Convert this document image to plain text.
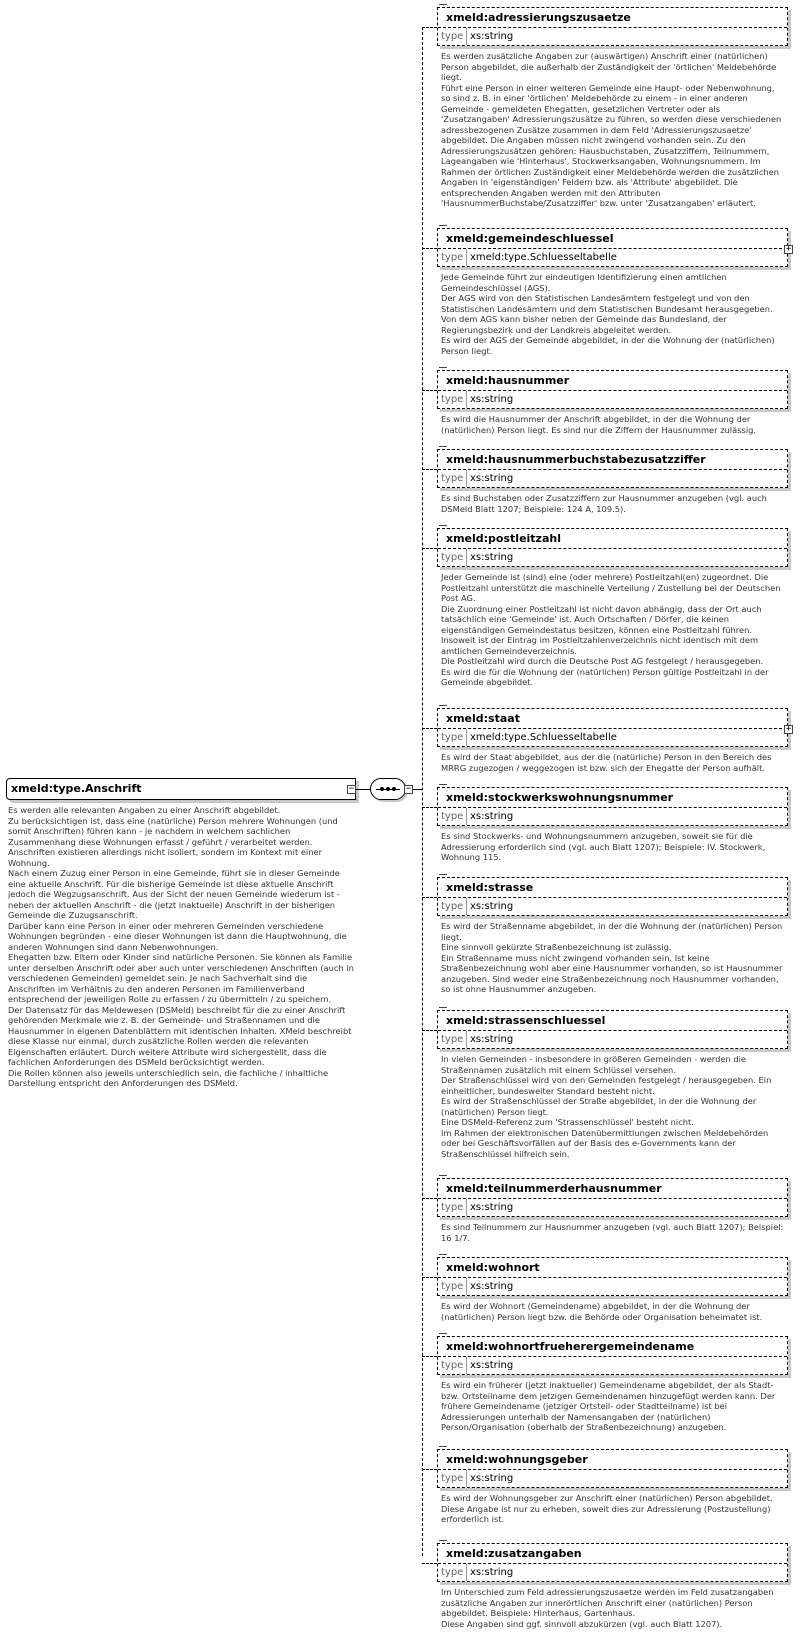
xmeld:type.Anschrift	−
Es werden alle relevanten Angaben zu einer Anschrift abgebildet.
Zu berücksichtigen ist, dass eine (natürliche) Person mehrere Wohnungen (und somit Anschriften) führen kann - je nachdem in welchem sachlichen Zusammenhang diese Wohnungen erfasst / geführt / verarbeitet werden. Anschriften existieren allerdings nicht isoliert, sondern im Kontext mit einer Wohnung.
Nach einem Zuzug einer Person in eine Gemeinde, führt sie in dieser Gemeinde eine aktuelle Anschrift. Für die bisherige Gemeinde ist diese aktuelle Anschrift jedoch die Wegzugsanschrift. Aus der Sicht der neuen Gemeinde wiederum ist - neben der aktuellen Anschrift - die (jetzt inaktuelle) Anschrift in der bisherigen Gemeinde die Zuzugsanschrift.
Darüber kann eine Person in einer oder mehreren Gemeinden verschiedene Wohnungen begründen - eine dieser Wohnungen ist dann die Hauptwohnung, die anderen Wohnungen sind dann Nebenwohnungen.
Ehegatten bzw. Eltern oder Kinder sind natürliche Personen. Sie können als Familie unter derselben Anschrift oder aber auch unter verschiedenen Anschriften (auch in verschiedenen Gemeinden) gemeldet sein. Je nach Sachverhalt sind die Anschriften im Verhältnis zu den anderen Personen im Familienverband entsprechend der jeweiligen Rolle zu erfassen / zu übermitteln / zu speichern.
Der Datensatz für das Meldewesen (DSMeld) beschreibt für die zu einer Anschrift gehörenden Merkmale wie z. B. der Gemeinde- und Straßennamen und die Hausnummer in eigenen Datenblättern mit identischen Inhalten. XMeld beschreibt diese Klasse nur einmal, durch zusätzliche Rollen werden die relevanten Eigenschaften erläutert. Durch weitere Attribute wird sichergestellt, dass die fachlichen Anforderungen des DSMeld berücksichtigt werden.
Die Rollen können also jeweils unterschiedlich sein, die fachliche / inhaltliche Darstellung entspricht den Anforderungen des DSMeld.
−
xmeld:adressierungszusaetze
type xs:string
Es werden zusätzliche Angaben zur (auswärtigen) Anschrift einer (natürlichen) Person abgebildet, die außerhalb der Zuständigkeit der 'örtlichen' Meldebehörde liegt.
Führt eine Person in einer weiteren Gemeinde eine Haupt- oder Nebenwohnung, so sind z. B. in einer 'örtlichen' Meldebehörde zu einem - in einer anderen Gemeinde - gemeldeten Ehegatten, gesetzlichen Vertreter oder als 'Zusatzangaben' Adressierungszusätze zu führen, so werden diese verschiedenen adressbezogenen Zusätze zusammen in dem Feld 'Adressierungszusaetze' abgebildet. Die Angaben müssen nicht zwingend vorhanden sein. Zu den Adressierungszusätzen gehören: Hausbuchstaben, Zusatzziffern, Teilnummern, Lageangaben wie 'Hinterhaus', Stockwerksangaben, Wohnungsnummern. Im Rahmen der örtlichen Zuständigkeit einer Meldebehörde werden die zusätzlichen Angaben in 'eigenständigen' Feldern bzw. als 'Attribute' abgebildet. Die entsprechenden Angaben werden mit den Attributen 'HausnummerBuchstabe/Zusatzziffer' bzw. unter 'Zusatzangaben' erläutert.
xmeld:gemeindeschluessel
type xmeld:type.Schluesseltabelle
+
Jede Gemeinde führt zur eindeutigen Identifizierung einen amtlichen Gemeindeschlüssel (AGS).
Der AGS wird von den Statistischen Landesämtern festgelegt und von den Statistischen Landesämtern und dem Statistischen Bundesamt herausgegeben. Von dem AGS kann bisher neben der Gemeinde das Bundesland, der Regierungsbezirk und der Landkreis abgeleitet werden.
Es wird der AGS der Gemeinde abgebildet, in der die Wohnung der (natürlichen) Person liegt.
xmeld:hausnummer
type xs:string
Es wird die Hausnummer der Anschrift abgebildet, in der die Wohnung der (natürlichen) Person liegt. Es sind nur die Ziffern der Hausnummer zulässig.
xmeld:hausnummerbuchstabezusatzziffer
type xs:string
Es sind Buchstaben oder Zusatzziffern zur Hausnummer anzugeben (vgl. auch DSMeld Blatt 1207; Beispiele: 124 A, 109.5).
xmeld:postleitzahl
type xs:string
Jeder Gemeinde ist (sind) eine (oder mehrere) Postleitzahl(en) zugeordnet. Die Postleitzahl unterstützt die maschinelle Verteilung / Zustellung bei der Deutschen Post AG.
Die Zuordnung einer Postleitzahl ist nicht davon abhängig, dass der Ort auch tatsächlich eine 'Gemeinde' ist. Auch Ortschaften / Dörfer, die keinen eigenständigen Gemeindestatus besitzen, können eine Postleitzahl führen. Insoweit ist der Eintrag im Postleitzahlenverzeichnis nicht identisch mit dem amtlichen Gemeindeverzeichnis.
Die Postleitzahl wird durch die Deutsche Post AG festgelegt / herausgegeben.
Es wird die für die Wohnung der (natürlichen) Person gültige Postleitzahl in der Gemeinde abgebildet.
xmeld:staat
type xmeld:type.Schluesseltabelle
+
Es wird der Staat abgebildet, aus der die (natürliche) Person in den Bereich des MRRG zugezogen / weggezogen ist bzw. sich der Ehegatte der Person aufhält.
xmeld:stockwerkswohnungsnummer
type xs:string
Es sind Stockwerks- und Wohnungsnummern anzugeben, soweit sie für die Adressierung erforderlich sind (vgl. auch Blatt 1207); Beispiele: IV. Stockwerk, Wohnung 115.
xmeld:strasse
type xs:string
Es wird der Straßenname abgebildet, in der die Wohnung der (natürlichen) Person liegt.
Eine sinnvoll gekürzte Straßenbezeichnung ist zulässig.
Ein Straßenname muss nicht zwingend vorhanden sein. Ist keine Straßenbezeichnung wohl aber eine Hausnummer vorhanden, so ist Hausnummer anzugeben. Sind weder eine Straßenbezeichnung noch Hausnummer vorhanden, so ist ohne Hausnummer anzugeben.
xmeld:strassenschluessel
type xs:string
In vielen Gemeinden - insbesondere in größeren Gemeinden - werden die Straßennamen zusätzlich mit einem Schlüssel versehen.
Der Straßenschlüssel wird von den Gemeinden festgelegt / herausgegeben. Ein einheitlicher, bundesweiter Standard besteht nicht.
Es wird der Straßenschlüssel der Straße abgebildet, in der die Wohnung der (natürlichen) Person liegt.
Eine DSMeld-Referenz zum 'Strassenschlüssel' besteht nicht.
Im Rahmen der elektronischen Datenübermittlungen zwischen Meldebehörden oder bei Geschäftsvorfällen auf der Basis des e-Governments kann der Straßenschlüssel hilfreich sein.
xmeld:teilnummerderhausnummer
type xs:string
Es sind Teilnummern zur Hausnummer anzugeben (vgl. auch Blatt 1207); Beispiel: 16 1/7.
xmeld:wohnort
type xs:string
Es wird der Wohnort (Gemeindename) abgebildet, in der die Wohnung der (natürlichen) Person liegt bzw. die Behörde oder Organisation beheimatet ist.
xmeld:wohnortfrueherergemeindename
type xs:string
Es wird ein früherer (jetzt inaktueller) Gemeindename abgebildet, der als Stadt- bzw. Ortsteilname dem jetzigen Gemeindenamen hinzugefügt werden kann. Der frühere Gemeindename (jetziger Ortsteil- oder Stadtteilname) ist bei Adressierungen unterhalb der Namensangaben der (natürlichen) Person/Organisation (oberhalb der Straßenbezeichnung) anzugeben.
xmeld:wohnungsgeber
type xs:string
Es wird der Wohnungsgeber zur Anschrift einer (natürlichen) Person abgebildet. Diese Angabe ist nur zu erheben, soweit dies zur Adressierung (Postzustellung) erforderlich ist.
xmeld:zusatzangaben
type xs:string
Im Unterschied zum Feld adressierungszusaetze werden im Feld zusatzangaben zusätzliche Angaben zur innerörtlichen Anschrift einer (natürlichen) Person abgebildet. Beispiele: Hinterhaus, Gartenhaus.
Diese Angaben sind ggf. sinnvoll abzukürzen (vgl. auch Blatt 1207).
